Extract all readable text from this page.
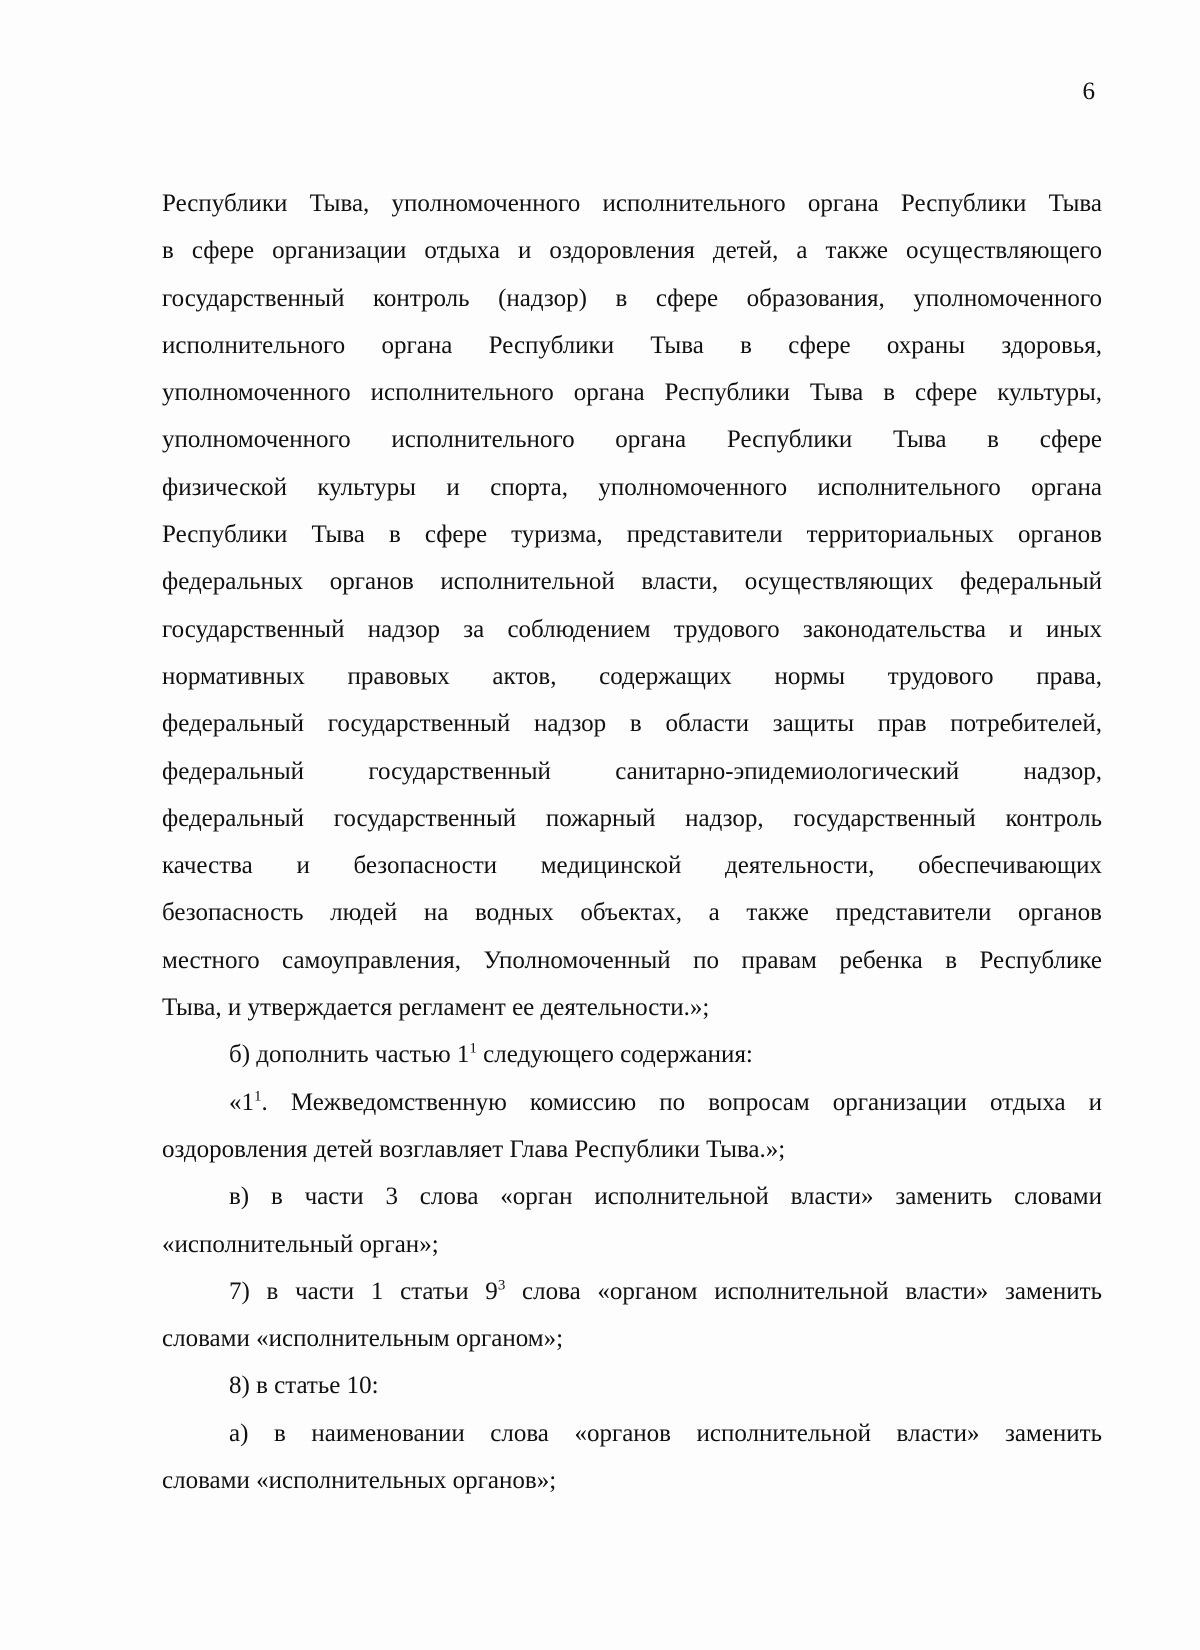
6
Республики Тыва, уполномоченного исполнительного органа Республики Тыва
в сфере организации отдыха и оздоровления детей, а также осуществляющего
государственный контроль (надзор) в сфере образования, уполномоченного
исполнительного органа Республики Тыва в сфере охраны здоровья,
уполномоченного исполнительного органа Республики Тыва в сфере культуры,
уполномоченного исполнительного органа Республики Тыва в сфере
физической культуры и спорта, уполномоченного исполнительного органа
Республики Тыва в сфере туризма, представители территориальных органов
федеральных органов исполнительной власти, осуществляющих федеральный
государственный надзор за соблюдением трудового законодательства и иных
нормативных правовых актов, содержащих нормы трудового права,
федеральный государственный надзор в области защиты прав потребителей,
федеральный государственный санитарно-эпидемиологический надзор,
федеральный государственный пожарный надзор, государственный контроль
качества и безопасности медицинской деятельности, обеспечивающих
безопасность людей на водных объектах, а также представители органов
местного самоуправления, Уполномоченный по правам ребенка в Республике
Тыва, и утверждается регламент ее деятельности.»;
б) дополнить частью $1^1$ следующего содержания:
«$1^1$. Межведомственную комиссию по вопросам организации отдыха и
оздоровления детей возглавляет Глава Республики Тыва.»;
в) в части 3 слова «орган исполнительной власти» заменить словами
«исполнительный орган»;
7) в части 1 статьи $9^3$ слова «органом исполнительной власти» заменить
словами «исполнительным органом»;
8) в статье 10:
а) в наименовании слова «органов исполнительной власти» заменить
словами «исполнительных органов»;
